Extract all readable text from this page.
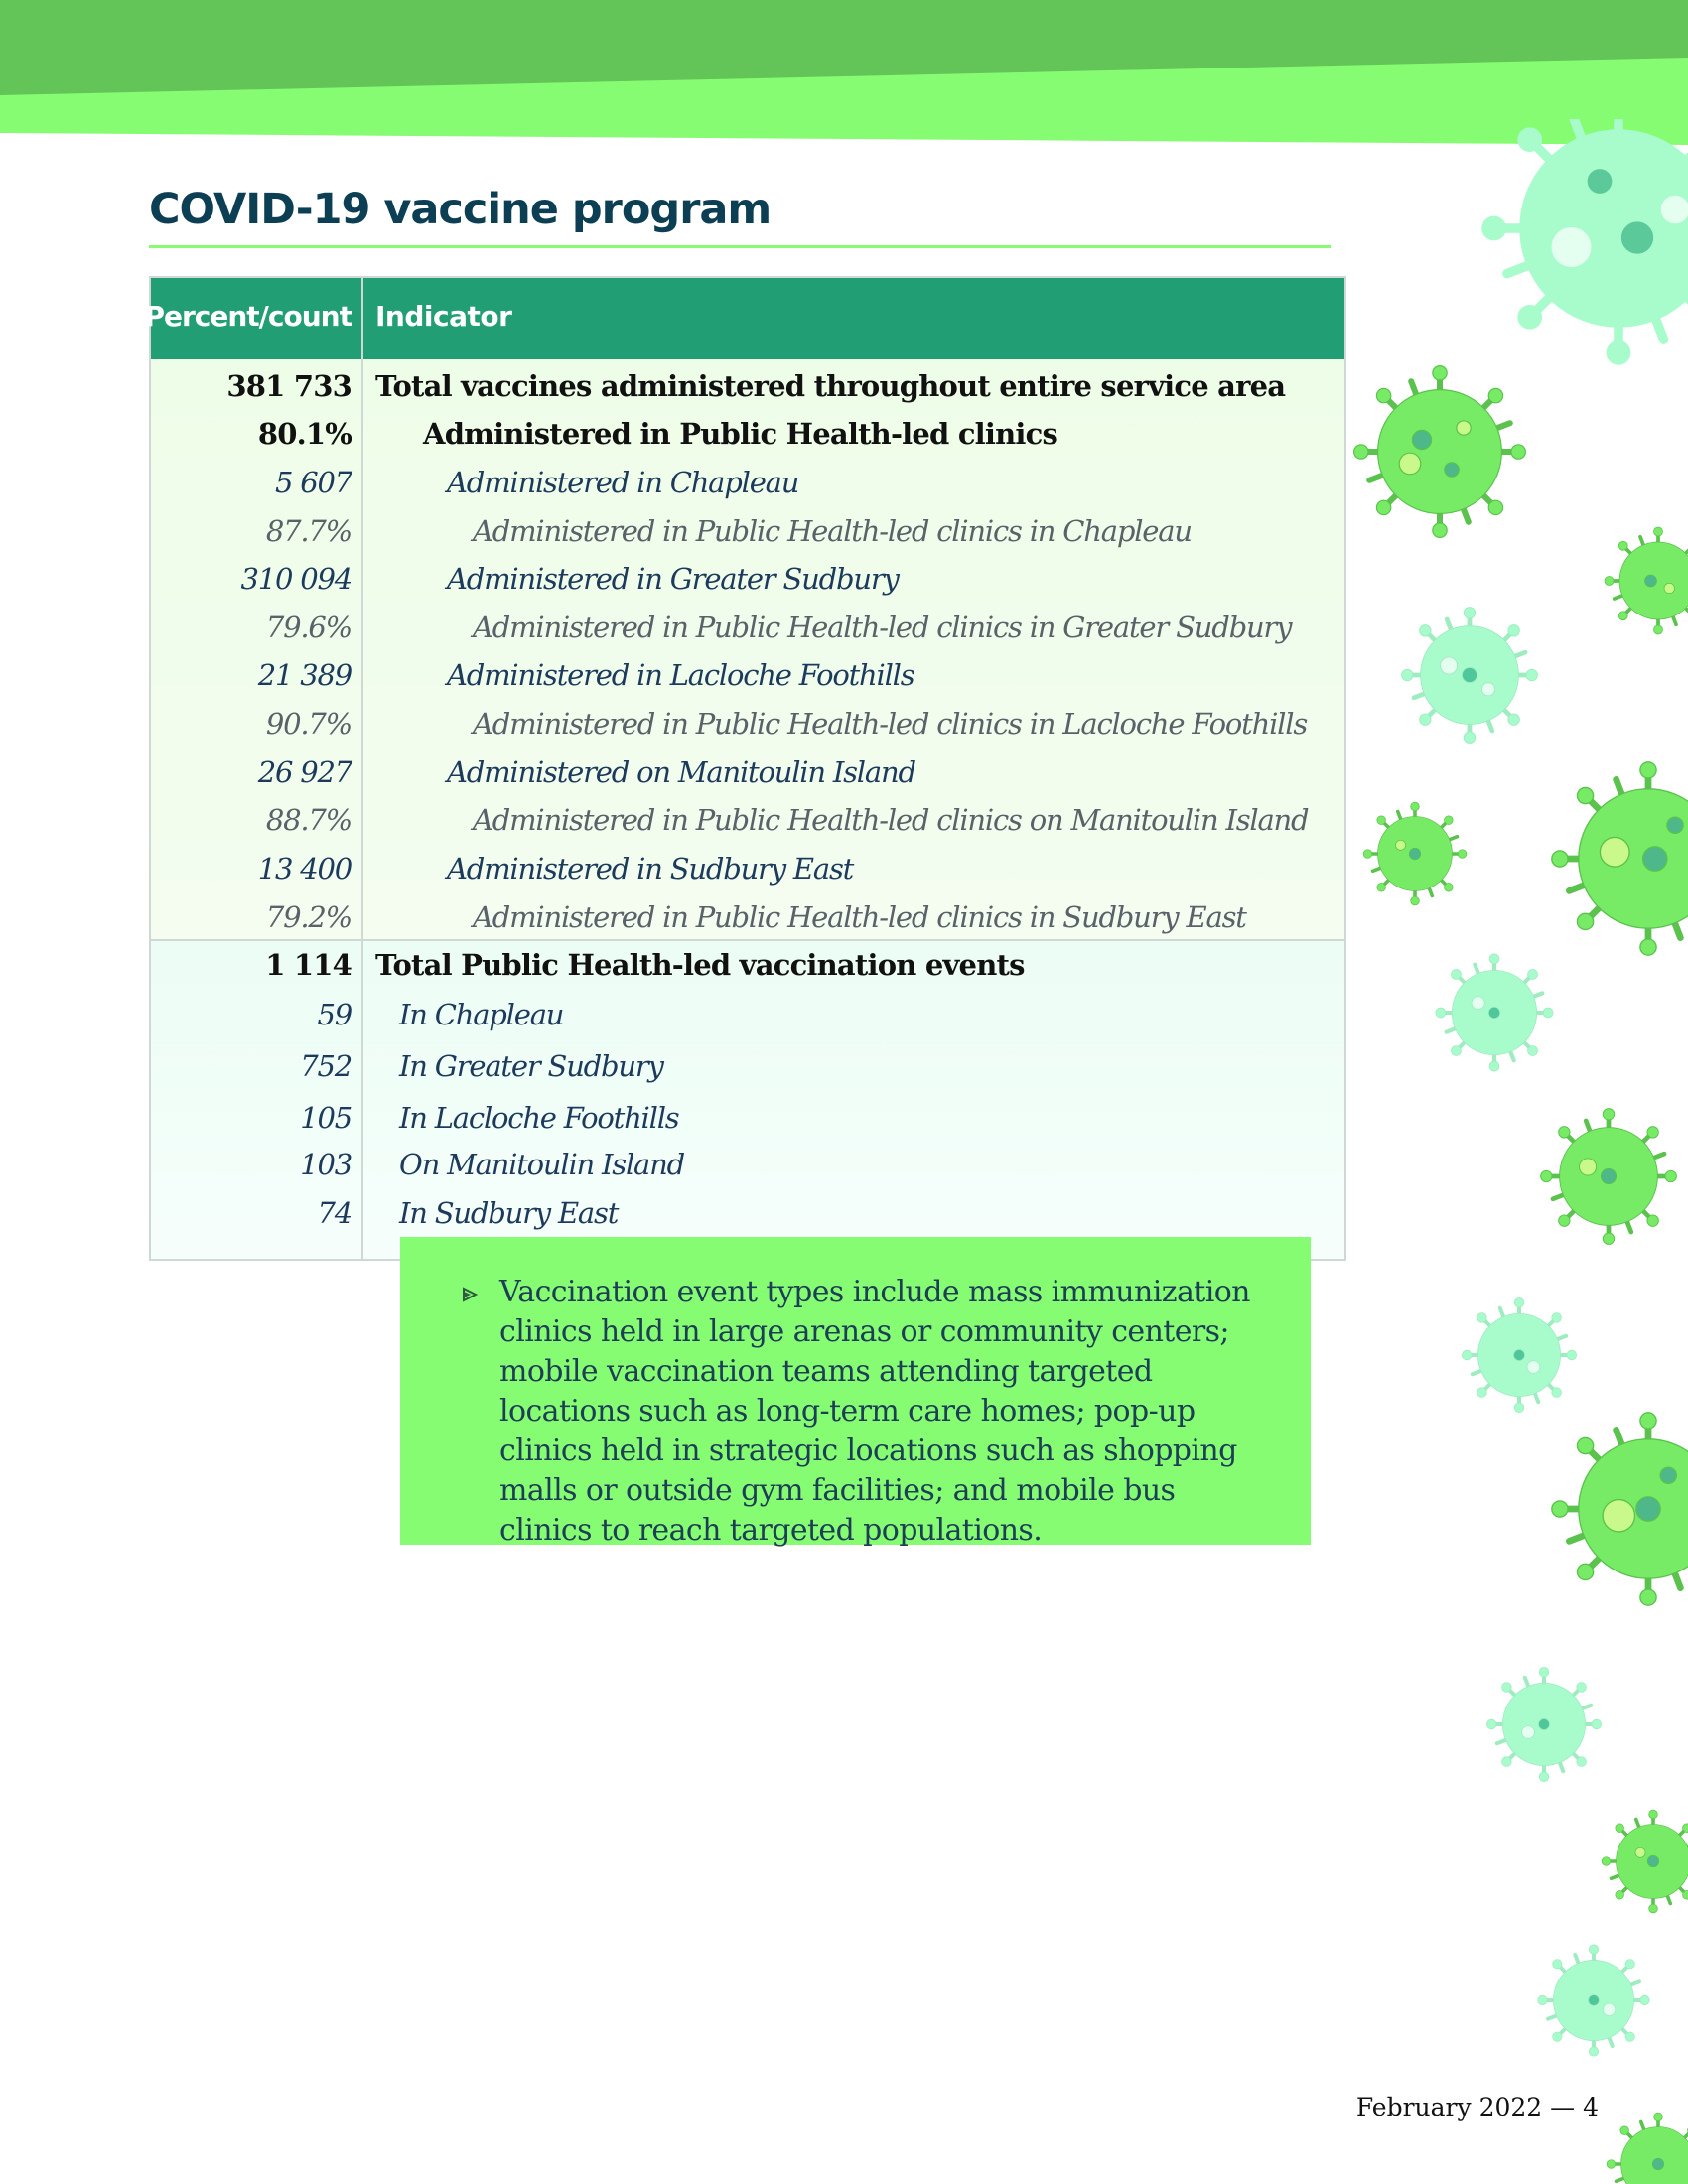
COVID-19 vaccine program
Percent/count Indicator
381 733 Total vaccines administered throughout entire service area
80.1% Administered in Public Health-led clinics
5 607	Administered in Chapleau
87.7%	Administered in Public Health-led clinics in Chapleau
310 094	Administered in Greater Sudbury
79.6%	Administered in Public Health-led clinics in Greater Sudbury
21 389	Administered in Lacloche Foothills
90.7%	Administered in Public Health-led clinics in Lacloche Foothills
26 927	Administered on Manitoulin Island
88.7%	Administered in Public Health-led clinics on Manitoulin Island
13 400	Administered in Sudbury East
79.2%	Administered in Public Health-led clinics in Sudbury East
1 114 Total Public Health-led vaccination events
59 In Chapleau
752 In Greater Sudbury
105 In Lacloche Foothills
103 On Manitoulin Island
74 In Sudbury East
Vaccination event types include mass immunization clinics held in large arenas or community centers; mobile vaccination teams attending targeted locations such as long-term care homes; pop-up clinics held in strategic locations such as shopping malls or outside gym facilities; and mobile bus clinics to reach targeted populations.
February 2022 — 4
